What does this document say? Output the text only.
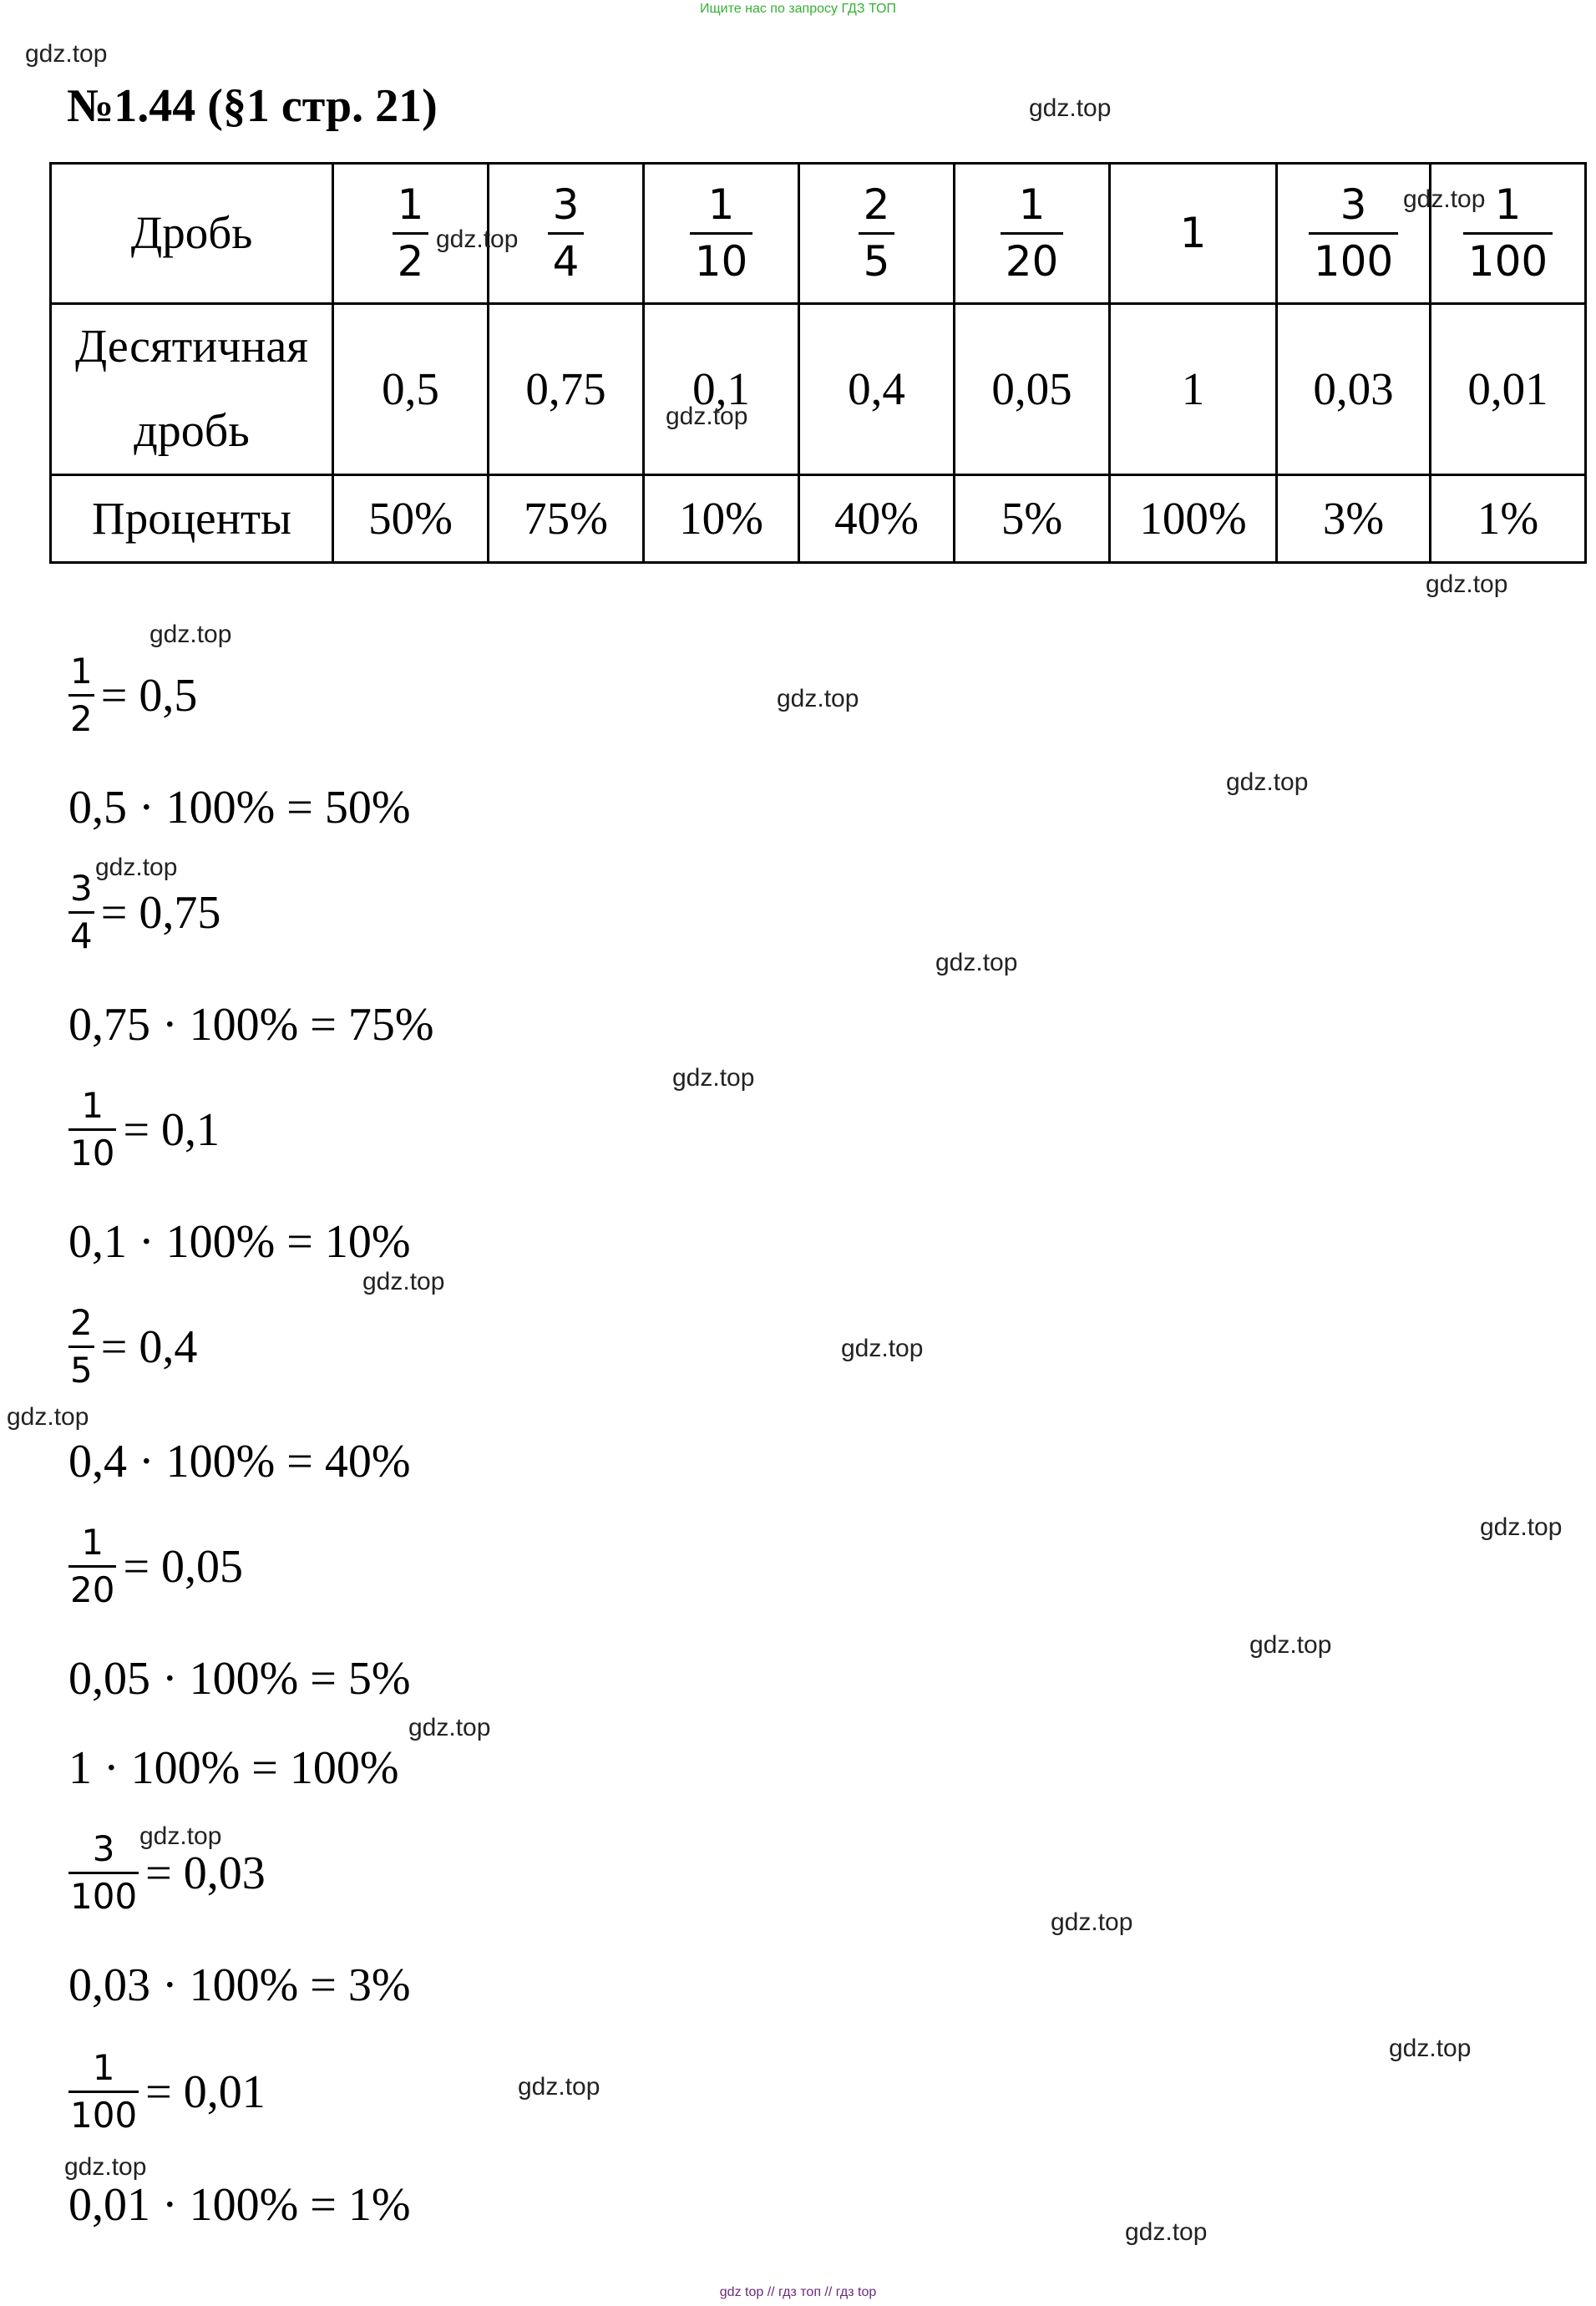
Ищите нас по запросу ГДЗ ТОП
№1.44 (§1 стр. 21)
Дробь	$\frac{1}{2}$	$\frac{3}{4}$	$\frac{1}{10}$	$\frac{2}{5}$	$\frac{1}{20}$	1	$\frac{3}{100}$	$\frac{1}{100}$

Десятичная дробь	0,5	0,75	0,1	0,4	0,05	1	0,03	0,01
Проценты	50%	75%	10%	40%	5%	100%	3%	1%
$\frac{1}{2} = 0,5$
0,5 · 100% = 50%
$\frac{3}{4} = 0,75$
0,75 · 100% = 75%
$\frac{1}{10} = 0,1$
0,1 · 100% = 10%
$\frac{2}{5} = 0,4$
0,4 · 100% = 40%
$\frac{1}{20} = 0,05$
0,05 · 100% = 5%
1 · 100% = 100%
$\frac{3}{100} = 0,03$
0,03 · 100% = 3%
$\frac{1}{100} = 0,01$
0,01 · 100% = 1%
gdz.top
gdz.top
gdz.top
gdz.top
gdz.top
gdz.top
gdz.top
gdz.top
gdz.top
gdz.top
gdz.top
gdz.top
gdz.top
gdz.top
gdz.top
gdz.top
gdz.top
gdz.top
gdz.top
gdz.top
gdz.top
gdz.top
gdz.top
gdz.top
gdz top // гдз топ // гдз top
